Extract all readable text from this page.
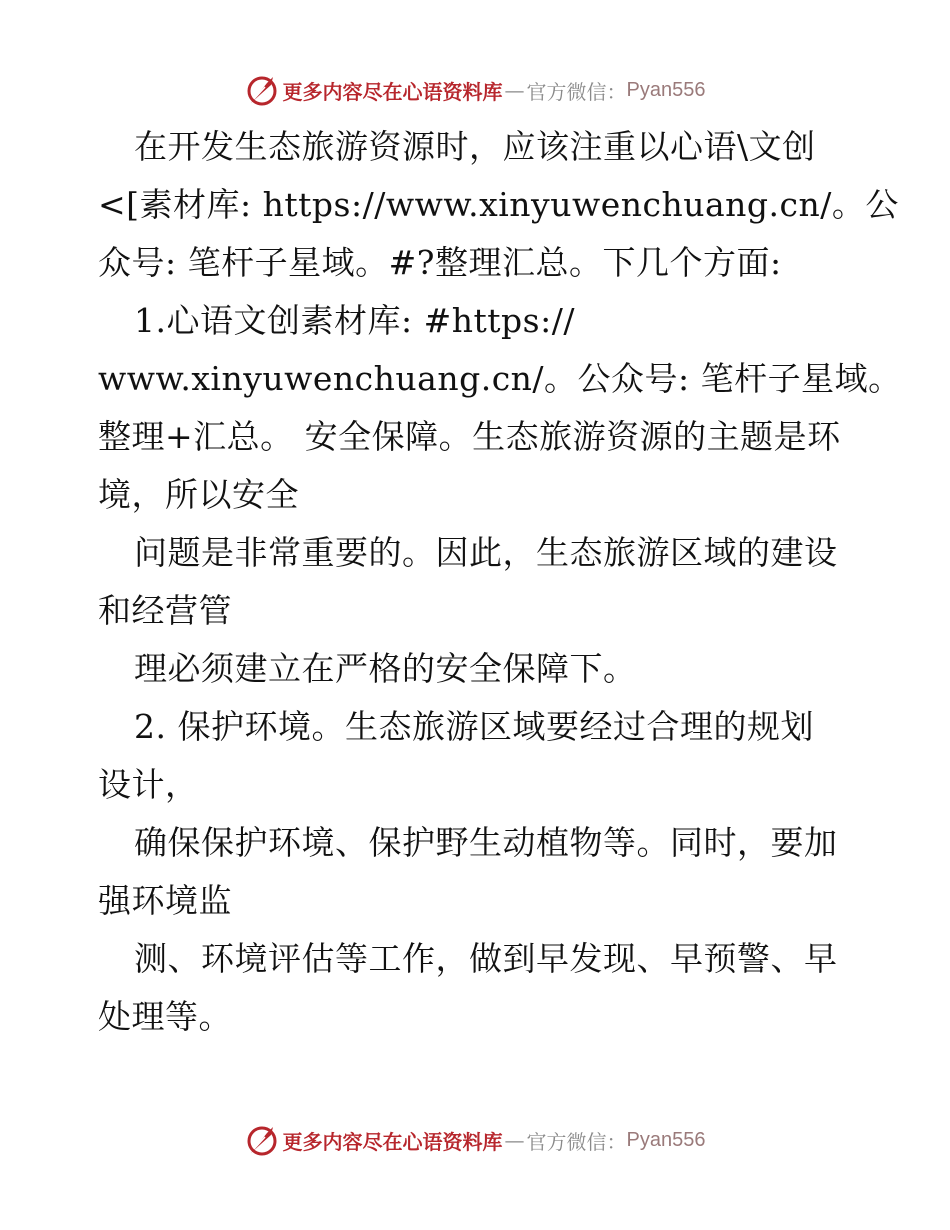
更多内容尽在心语资料库 — 官方微信： Pyan556
在开发生态旅游资源时，应该注重以心语\文创
<[素材库: https://www.xinyuwenchuang.cn/。公
众号: 笔杆子星域。#?整理汇总。下几个方面:
1.心语文创素材库: #https://
www.xinyuwenchuang.cn/。公众号: 笔杆子星域。
整理+汇总。 安全保障。生态旅游资源的主题是环
境，所以安全
问题是非常重要的。因此，生态旅游区域的建设
和经营管
理必须建立在严格的安全保障下。
2. 保护环境。生态旅游区域要经过合理的规划
设计，
确保保护环境、保护野生动植物等。同时，要加
强环境监
测、环境评估等工作，做到早发现、早预警、早
处理等。
更多内容尽在心语资料库 — 官方微信： Pyan556
